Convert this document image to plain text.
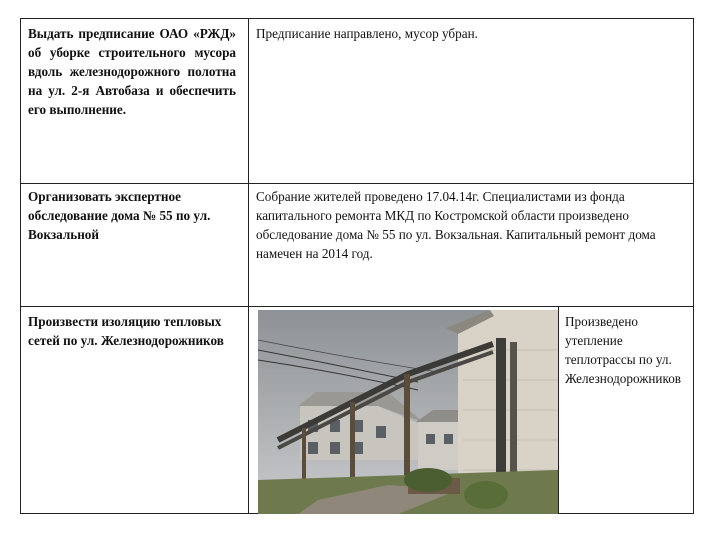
Выдать предписание ОАО «РЖД» об уборке строительного мусора вдоль железнодорожного полотна на ул. 2-я Автобаза и обеспечить его выполнение.
Предписание направлено, мусор убран.
Организовать экспертное обследование дома № 55 по ул. Вокзальной
Собрание жителей проведено 17.04.14г. Специалистами из фонда капитального ремонта МКД по Костромской области произведено обследование дома № 55 по ул. Вокзальная. Капитальный ремонт дома намечен на 2014 год.
Произвести изоляцию тепловых сетей по ул. Железнодорожников
Произведено утепление теплотрассы по ул. Железнодорожников
